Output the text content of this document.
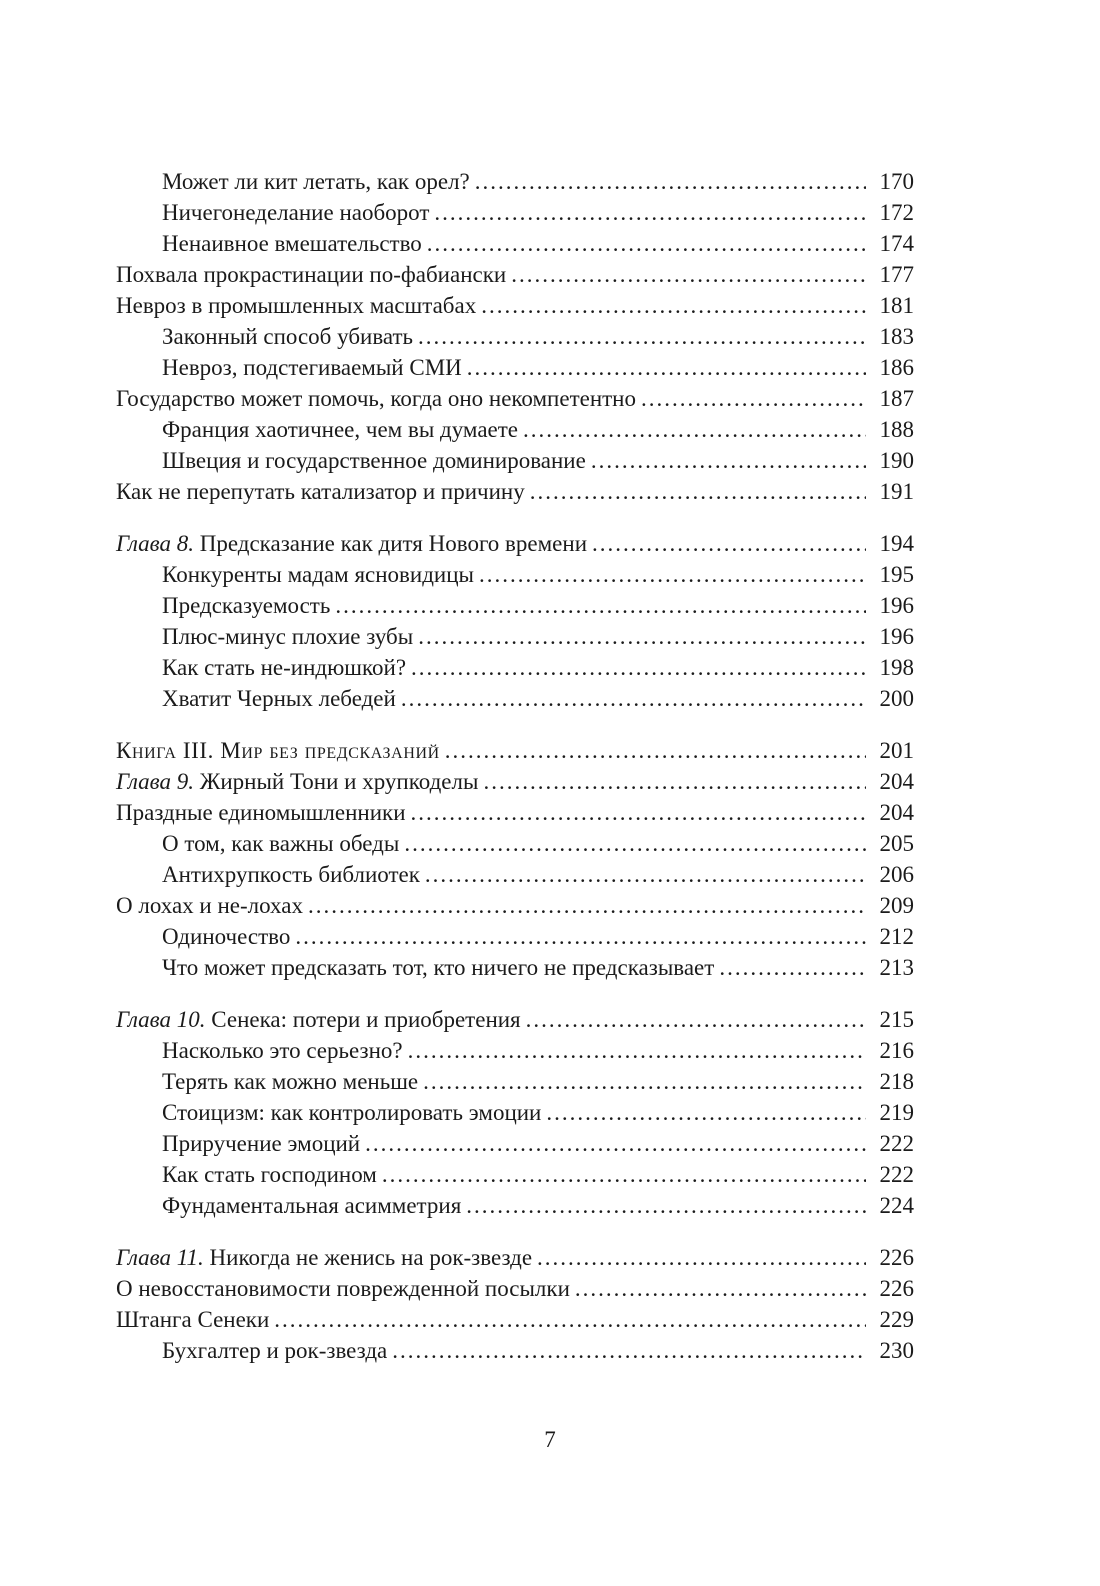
Может ли кит летать, как орел? .....	170
Ничегонеделание наоборот .....	172
Ненаивное вмешательство .....	174
Похвала прокрастинации по-фабиански .....	177
Невроз в промышленных масштабах .....	181
Законный способ убивать .....	183
Невроз, подстегиваемый СМИ .....	186
Государство может помочь, когда оно некомпетентно .....	187
Франция хаотичнее, чем вы думаете .....	188
Швеция и государственное доминирование .....	190
Как не перепутать катализатор и причину .....	191
Глава 8. Предсказание как дитя Нового времени .....	194
Конкуренты мадам ясновидицы .....	195
Предсказуемость .....	196
Плюс-минус плохие зубы .....	196
Как стать не-индюшкой? .....	198
Хватит Черных лебедей .....	200
Книга III. Мир без предсказаний .....	201
Глава 9. Жирный Тони и хрупкоделы .....	204
Праздные единомышленники .....	204
О том, как важны обеды .....	205
Антихрупкость библиотек .....	206
О лохах и не-лохах .....	209
Одиночество .....	212
Что может предсказать тот, кто ничего не предсказывает .....	213
Глава 10. Сенека: потери и приобретения .....	215
Насколько это серьезно? .....	216
Терять как можно меньше .....	218
Стоицизм: как контролировать эмоции .....	219
Приручение эмоций .....	222
Как стать господином .....	222
Фундаментальная асимметрия .....	224
Глава 11. Никогда не женись на рок-звезде .....	226
О невосстановимости поврежденной посылки .....	226
Штанга Сенеки .....	229
Бухгалтер и рок-звезда .....	230
7
